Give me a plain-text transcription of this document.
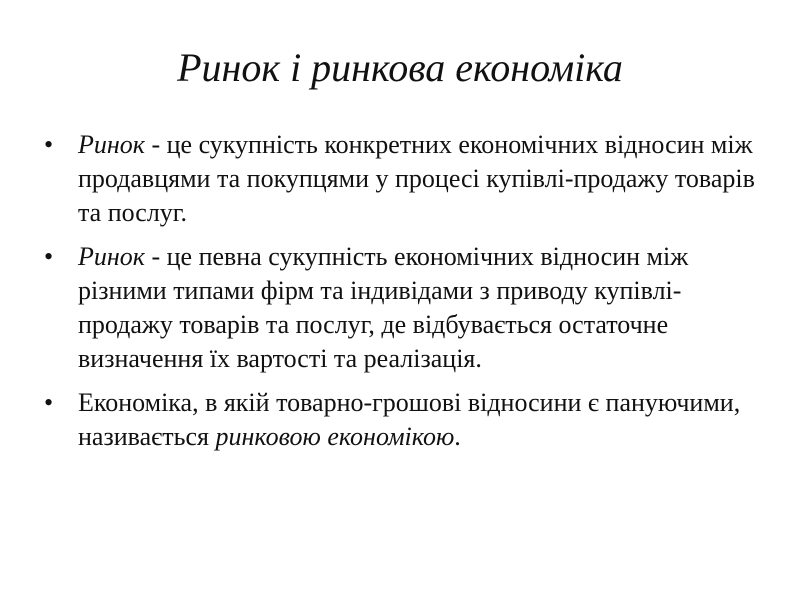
Ринок і ринкова економіка
• Ринок - це сукупність конкретних економічних відносин між продавцями та покупцями у процесі купівлі-продажу товарів та послуг.
• Ринок - це певна сукупність економічних відносин між різними типами фірм та індивідами з приводу купівлі-продажу товарів та послуг, де відбувається остаточне визначення їх вартості та реалізація.
• Економіка, в якій товарно-грошові відносини є пануючими, називається ринковою економікою.
